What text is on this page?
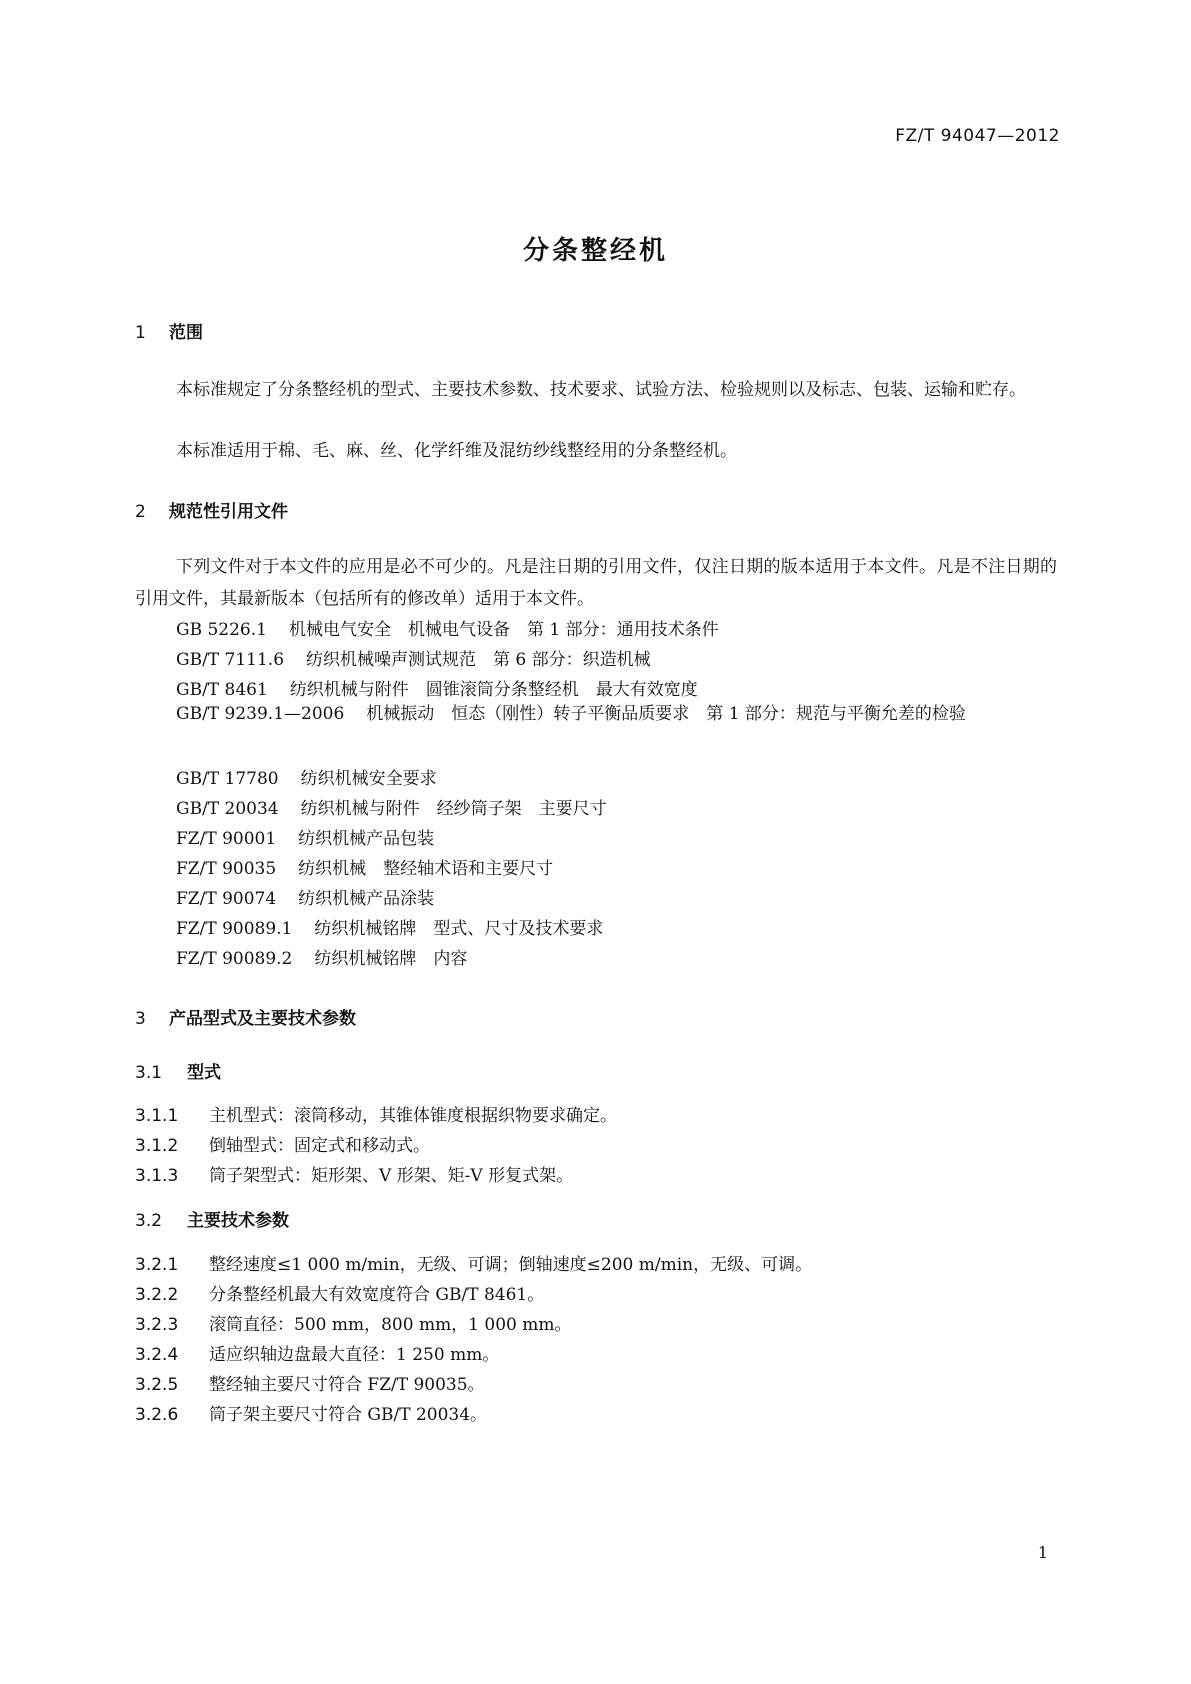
FZ/T 94047—2012
分条整经机
1 范围
本标准规定了分条整经机的型式、主要技术参数、技术要求、试验方法、检验规则以及标志、包装、运输和贮存。
本标准适用于棉、毛、麻、丝、化学纤维及混纺纱线整经用的分条整经机。
2 规范性引用文件
下列文件对于本文件的应用是必不可少的。凡是注日期的引用文件，仅注日期的版本适用于本文件。凡是不注日期的引用文件，其最新版本（包括所有的修改单）适用于本文件。
GB 5226.1 机械电气安全　机械电气设备　第 1 部分：通用技术条件
GB/T 7111.6 纺织机械噪声测试规范　第 6 部分：织造机械
GB/T 8461 纺织机械与附件　圆锥滚筒分条整经机　最大有效宽度
GB/T 9239.1—2006 机械振动　恒态（刚性）转子平衡品质要求　第 1 部分：规范与平衡允差的检验
GB/T 17780 纺织机械安全要求
GB/T 20034 纺织机械与附件　经纱筒子架　主要尺寸
FZ/T 90001 纺织机械产品包装
FZ/T 90035 纺织机械　整经轴术语和主要尺寸
FZ/T 90074 纺织机械产品涂装
FZ/T 90089.1 纺织机械铭牌　型式、尺寸及技术要求
FZ/T 90089.2 纺织机械铭牌　内容
3 产品型式及主要技术参数
3.1 型式
3.1.1 主机型式：滚筒移动，其锥体锥度根据织物要求确定。
3.1.2 倒轴型式：固定式和移动式。
3.1.3 筒子架型式：矩形架、V 形架、矩-V 形复式架。
3.2 主要技术参数
3.2.1 整经速度≤1 000 m/min，无级、可调；倒轴速度≤200 m/min，无级、可调。
3.2.2 分条整经机最大有效宽度符合 GB/T 8461。
3.2.3 滚筒直径：500 mm，800 mm，1 000 mm。
3.2.4 适应织轴边盘最大直径：1 250 mm。
3.2.5 整经轴主要尺寸符合 FZ/T 90035。
3.2.6 筒子架主要尺寸符合 GB/T 20034。
1
